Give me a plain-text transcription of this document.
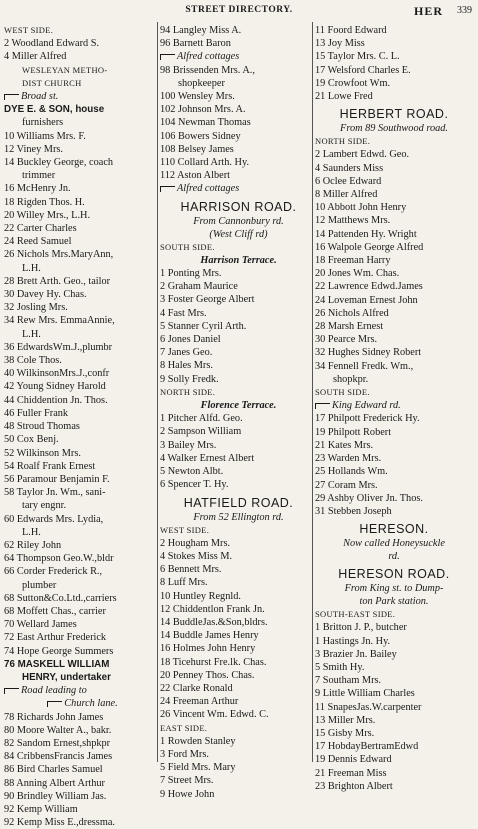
STREET DIRECTORY.	HER 339
WEST SIDE.
2 Woodland Edward S.
4 Miller Alfred
WESLEYAN METHO-
DIST CHURCH
Broad st.
DYE E. & SON, house
furnishers
10 Williams Mrs. F.
12 Viney Mrs.
14 Buckley George, coach
trimmer
16 McHenry Jn.
18 Rigden Thos. H.
20 Willey Mrs., L.H.
22 Carter Charles
24 Reed Samuel
26 Nichols Mrs.MaryAnn,
L.H.
28 Brett Arth. Geo., tailor
30 Davey Hy. Chas.
32 Josling Mrs.
34 Rew Mrs. EmmaAnnie,
L.H.
36 EdwardsWm.J.,plumbr
38 Cole Thos.
40 WilkinsonMrs.J.,confr
42 Young Sidney Harold
44 Chiddention Jn. Thos.
46 Fuller Frank
48 Stroud Thomas
50 Cox Benj.
52 Wilkinson Mrs.
54 Roalf Frank Ernest
56 Paramour Benjamin F.
58 Taylor Jn. Wm., sani-
tary engnr.
60 Edwards Mrs. Lydia,
L.H.
62 Riley John
64 Thompson Geo.W.,bldr
66 Corder Frederick R.,
plumber
68 Sutton&Co.Ltd.,carriers
68 Moffett Chas., carrier
70 Wellard James
72 East Arthur Frederick
74 Hope George Summers
76 MASKELL WILLIAM
HENRY, undertaker
Road leading to
Church lane.
78 Richards John James
80 Moore Walter A., bakr.
82 Sandom Ernest,shpkpr
84 CribbensFrancis James
86 Bird Charles Samuel
88 Anning Albert Arthur
90 Brindley William Jas.
92 Kemp William
92 Kemp Miss E.,dressma.
94 Langley Miss A.
96 Barnett Baron
Alfred cottages
98 Brissenden Mrs. A.,
shopkeeper
100 Wensley Mrs.
102 Johnson Mrs. A.
104 Newman Thomas
106 Bowers Sidney
108 Belsey James
110 Collard Arth. Hy.
112 Aston Albert
Alfred cottages
HARRISON ROAD.
From Cannonbury rd.
(West Cliff rd)
SOUTH SIDE.
Harrison Terrace.
1 Ponting Mrs.
2 Graham Maurice
3 Foster George Albert
4 Fast Mrs.
5 Stanner Cyril Arth.
6 Jones Daniel
7 Janes Geo.
8 Hales Mrs.
9 Solly Fredk.
NORTH SIDE.
Florence Terrace.
1 Pitcher Alfd. Geo.
2 Sampson William
3 Bailey Mrs.
4 Walker Ernest Albert
5 Newton Albt.
6 Spencer T. Hy.
HATFIELD ROAD.
From 52 Ellington rd.
WEST SIDE.
2 Hougham Mrs.
4 Stokes Miss M.
6 Bennett Mrs.
8 Luff Mrs.
10 Huntley Regnld.
12 Chiddentlon Frank Jn.
14 BuddleJas.&Son,bldrs.
14 Buddle James Henry
16 Holmes John Henry
18 Ticehurst Fre.lk. Chas.
20 Penney Thos. Chas.
22 Clarke Ronald
24 Freeman Arthur
26 Vincent Wm. Edwd. C.
EAST SIDE.
1 Rowden Stanley
3 Ford Mrs.
5 Field Mrs. Mary
7 Street Mrs.
9 Howe John
11 Foord Edward
13 Joy Miss
15 Taylor Mrs. C. L.
17 Welsford Charles E.
19 Crowfoot Wm.
21 Lowe Fred
HERBERT ROAD.
From 89 Southwood road.
NORTH SIDE.
2 Lambert Edwd. Geo.
4 Saunders Miss
6 Oclee Edward
8 Miller Alfred
10 Abbott John Henry
12 Matthews Mrs.
14 Pattenden Hy. Wright
16 Walpole George Alfred
18 Freeman Harry
20 Jones Wm. Chas.
22 Lawrence Edwd.James
24 Loveman Ernest John
26 Nichols Alfred
28 Marsh Ernest
30 Pearce Mrs.
32 Hughes Sidney Robert
34 Fennell Fredk. Wm.,
shopkpr.
SOUTH SIDE.
King Edward rd.
17 Philpott Frederick Hy.
19 Philpott Robert
21 Kates Mrs.
23 Warden Mrs.
25 Hollands Wm.
27 Coram Mrs.
29 Ashby Oliver Jn. Thos.
31 Stebben Joseph
HERESON.
Now called Honeysuckle
rd.
HERESON ROAD.
From King st. to Dump-
ton Park station.
SOUTH-EAST SIDE.
1 Britton J. P., butcher
1 Hastings Jn. Hy.
3 Brazier Jn. Bailey
5 Smith Hy.
7 Southam Mrs.
9 Little William Charles
11 SnapesJas.W.carpenter
13 Miller Mrs.
15 Gisby Mrs.
17 HobdayBertramEdwd
19 Dennis Edward
21 Freeman Miss
23 Brighton Albert
